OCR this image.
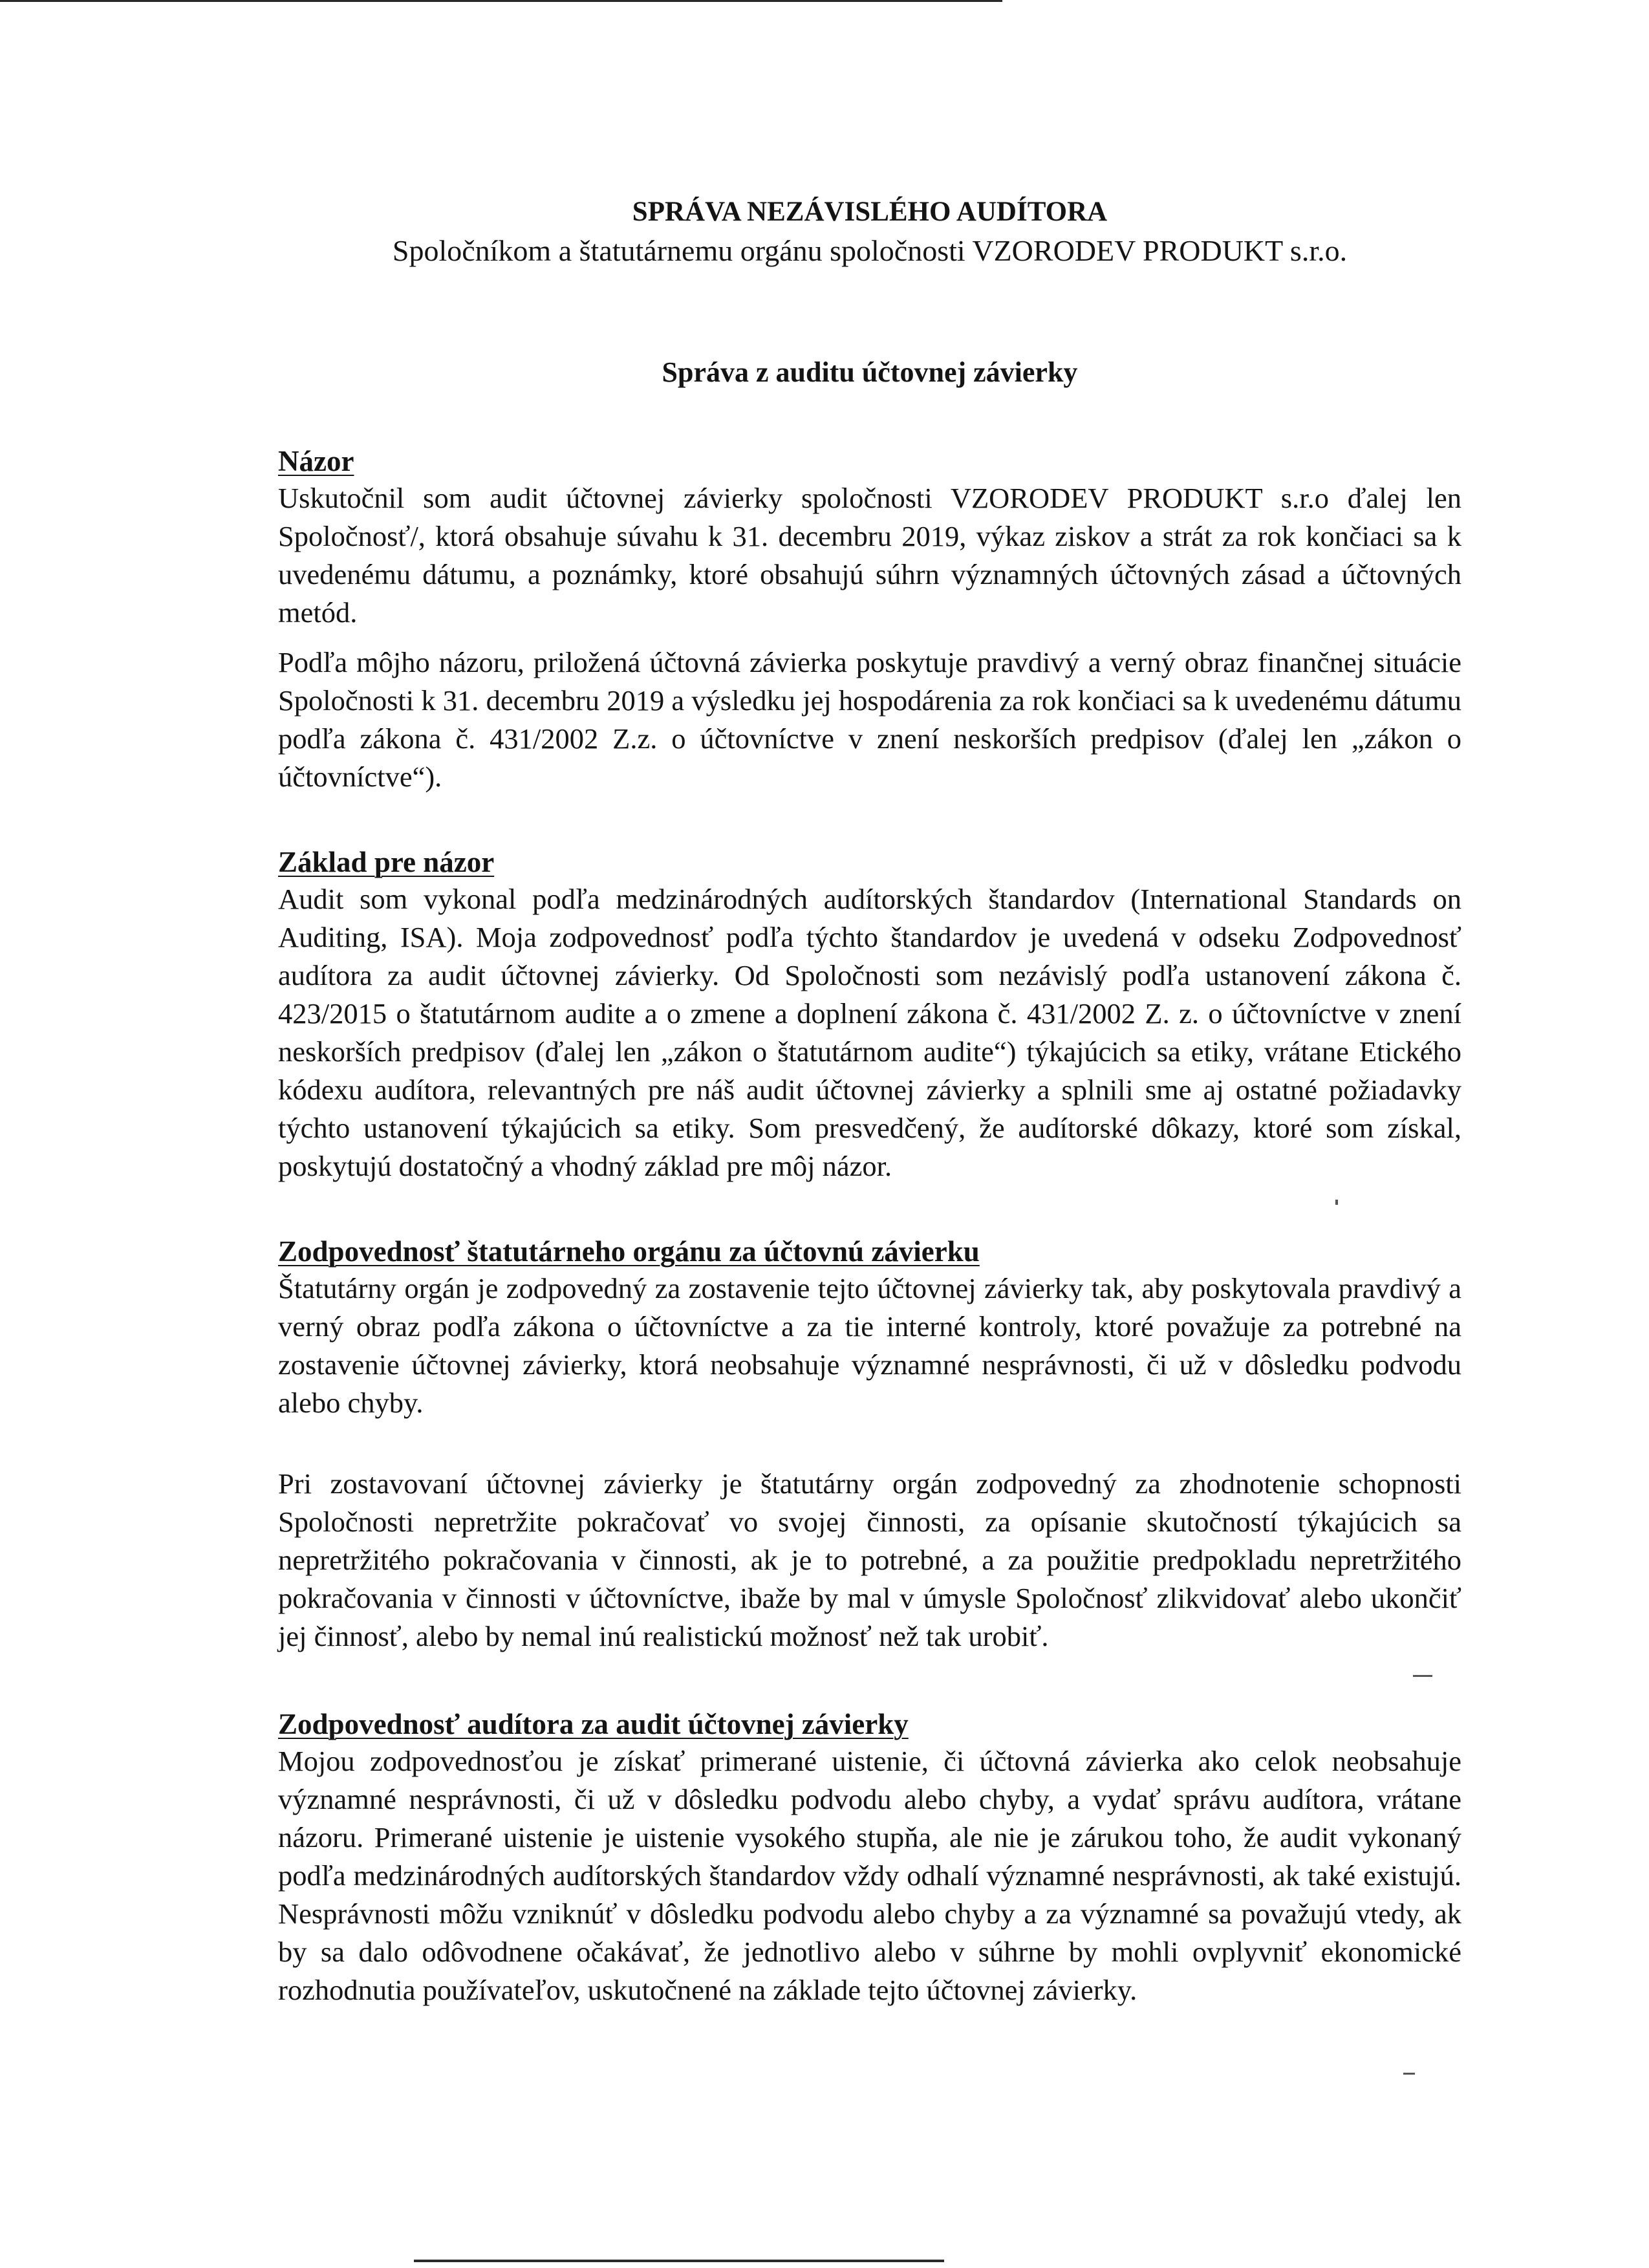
SPRÁVA NEZÁVISLÉHO AUDÍTORA

Spoločníkom a štatutárnemu orgánu spoločnosti VZORODEV PRODUKT s.r.o.

Správa z auditu účtovnej závierky
Názor

Uskutočnil som audit účtovnej závierky spoločnosti VZORODEV PRODUKT s.r.o ďalej len Spoločnosť/, ktorá obsahuje súvahu k 31. decembru 2019, výkaz ziskov a strát za rok končiaci sa k uvedenému dátumu, a poznámky, ktoré obsahujú súhrn významných účtovných zásad a účtovných metód.

Podľa môjho názoru, priložená účtovná závierka poskytuje pravdivý a verný obraz finančnej situácie Spoločnosti k 31. decembru 2019 a výsledku jej hospodárenia za rok končiaci sa k uvedenému dátumu podľa zákona č. 431/2002 Z.z. o účtovníctve v znení neskorších predpisov (ďalej len „zákon o účtovníctve“).

Základ pre názor

Audit som vykonal podľa medzinárodných audítorských štandardov (International Standards on Auditing, ISA). Moja zodpovednosť podľa týchto štandardov je uvedená v odseku Zodpovednosť audítora za audit účtovnej závierky. Od Spoločnosti som nezávislý podľa ustanovení zákona č. 423/2015 o štatutárnom audite a o zmene a doplnení zákona č. 431/2002 Z. z. o účtovníctve v znení neskorších predpisov (ďalej len „zákon o štatutárnom audite“) týkajúcich sa etiky, vrátane Etického kódexu audítora, relevantných pre náš audit účtovnej závierky a splnili sme aj ostatné požiadavky týchto ustanovení týkajúcich sa etiky. Som presvedčený, že audítorské dôkazy, ktoré som získal, poskytujú dostatočný a vhodný základ pre môj názor.

Zodpovednosť štatutárneho orgánu za účtovnú závierku

Štatutárny orgán je zodpovedný za zostavenie tejto účtovnej závierky tak, aby poskytovala pravdivý a verný obraz podľa zákona o účtovníctve a za tie interné kontroly, ktoré považuje za potrebné na zostavenie účtovnej závierky, ktorá neobsahuje významné nesprávnosti, či už v dôsledku podvodu alebo chyby.

Pri zostavovaní účtovnej závierky je štatutárny orgán zodpovedný za zhodnotenie schopnosti Spoločnosti nepretržite pokračovať vo svojej činnosti, za opísanie skutočností týkajúcich sa nepretržitého pokračovania v činnosti, ak je to potrebné, a za použitie predpokladu nepretržitého pokračovania v činnosti v účtovníctve, ibaže by mal v úmysle Spoločnosť zlikvidovať alebo ukončiť jej činnosť, alebo by nemal inú realistickú možnosť než tak urobiť.

Zodpovednosť audítora za audit účtovnej závierky

Mojou zodpovednosťou je získať primerané uistenie, či účtovná závierka ako celok neobsahuje významné nesprávnosti, či už v dôsledku podvodu alebo chyby, a vydať správu audítora, vrátane názoru. Primerané uistenie je uistenie vysokého stupňa, ale nie je zárukou toho, že audit vykonaný podľa medzinárodných audítorských štandardov vždy odhalí významné nesprávnosti, ak také existujú. Nesprávnosti môžu vzniknúť v dôsledku podvodu alebo chyby a za významné sa považujú vtedy, ak by sa dalo odôvodnene očakávať, že jednotlivo alebo v súhrne by mohli ovplyvniť ekonomické rozhodnutia používateľov, uskutočnené na základe tejto účtovnej závierky.
